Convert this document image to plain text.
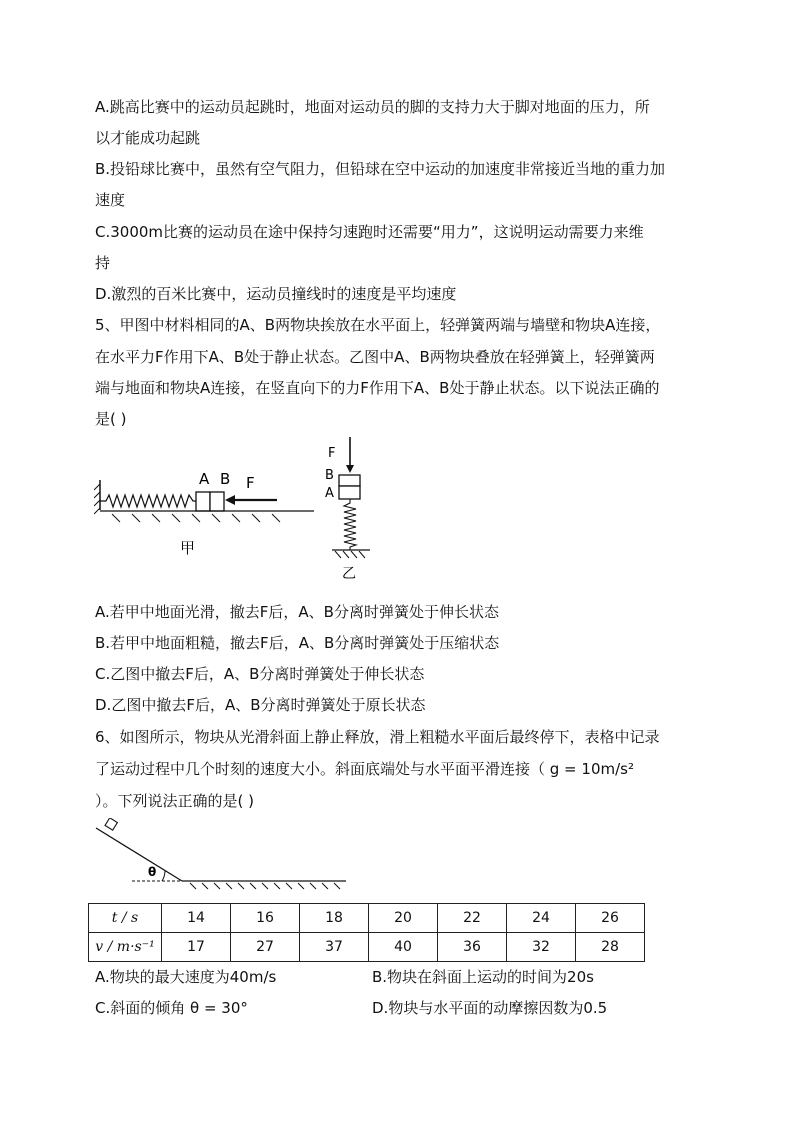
A.跳高比赛中的运动员起跳时，地面对运动员的脚的支持力大于脚对地面的压力，所
以才能成功起跳
B.投铅球比赛中，虽然有空气阻力，但铅球在空中运动的加速度非常接近当地的重力加
速度
C.3000m比赛的运动员在途中保持匀速跑时还需要“用力”，这说明运动需要力来维
持
D.激烈的百米比赛中，运动员撞线时的速度是平均速度
5、甲图中材料相同的A、B两物块挨放在水平面上，轻弹簧两端与墙壁和物块A连接，
在水平力F作用下A、B处于静止状态。乙图中A、B两物块叠放在轻弹簧上，轻弹簧两
端与地面和物块A连接，在竖直向下的力F作用下A、B处于静止状态。以下说法正确的
是( )
A B F
甲
F
B
A
乙
A.若甲中地面光滑，撤去F后，A、B分离时弹簧处于伸长状态
B.若甲中地面粗糙，撤去F后，A、B分离时弹簧处于压缩状态
C.乙图中撤去F后，A、B分离时弹簧处于伸长状态
D.乙图中撤去F后，A、B分离时弹簧处于原长状态
6、如图所示，物块从光滑斜面上静止释放，滑上粗糙水平面后最终停下，表格中记录
了运动过程中几个时刻的速度大小。斜面底端处与水平面平滑连接（ g = 10m/s²
）。下列说法正确的是( )
θ
t / s	14	16	18	20	22	24	26
v / m·s⁻¹	17	27	37	40	36	32	28
A.物块的最大速度为40m/s	B.物块在斜面上运动的时间为20s
C.斜面的倾角 θ = 30°	D.物块与水平面的动摩擦因数为0.5
